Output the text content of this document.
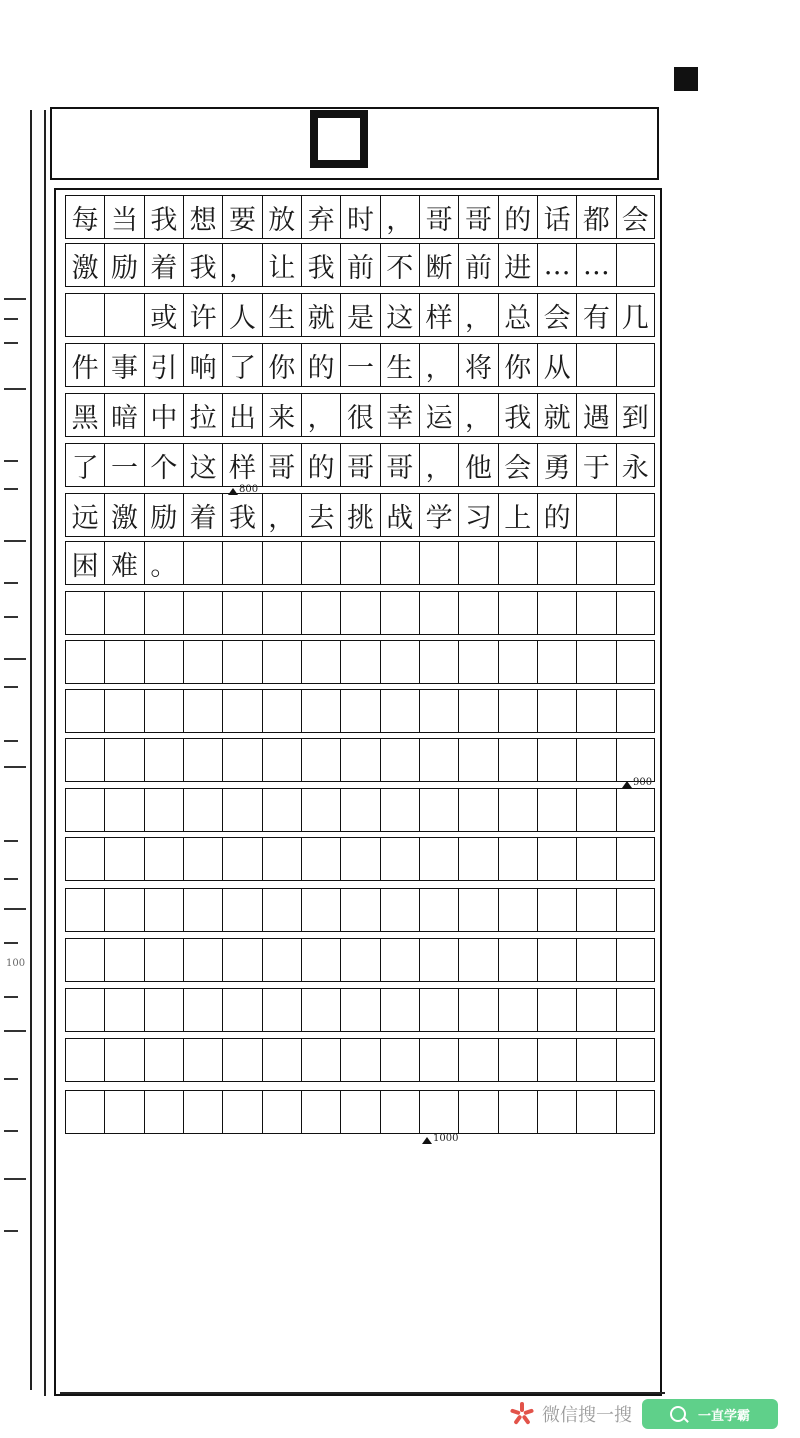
100
每 当 我 想 要 放 弃 时 ， 哥 哥 的 话 都 会
激 励 着 我 ， 让 我 前 不 断 前 进 … …
或 许 人 生 就 是 这 样 ， 总 会 有 几
件 事 引 响 了 你 的 一 生 ， 将 你 从
黑 暗 中 拉 出 来 ， 很 幸 运 ， 我 就 遇 到
了 一 个 这 样 哥 的 哥 哥 ， 他 会 勇 于 永
远 激 励 着 我 ， 去 挑 战 学 习 上 的
困 难 。
800
900
1000
微信搜一搜	一直学霸
